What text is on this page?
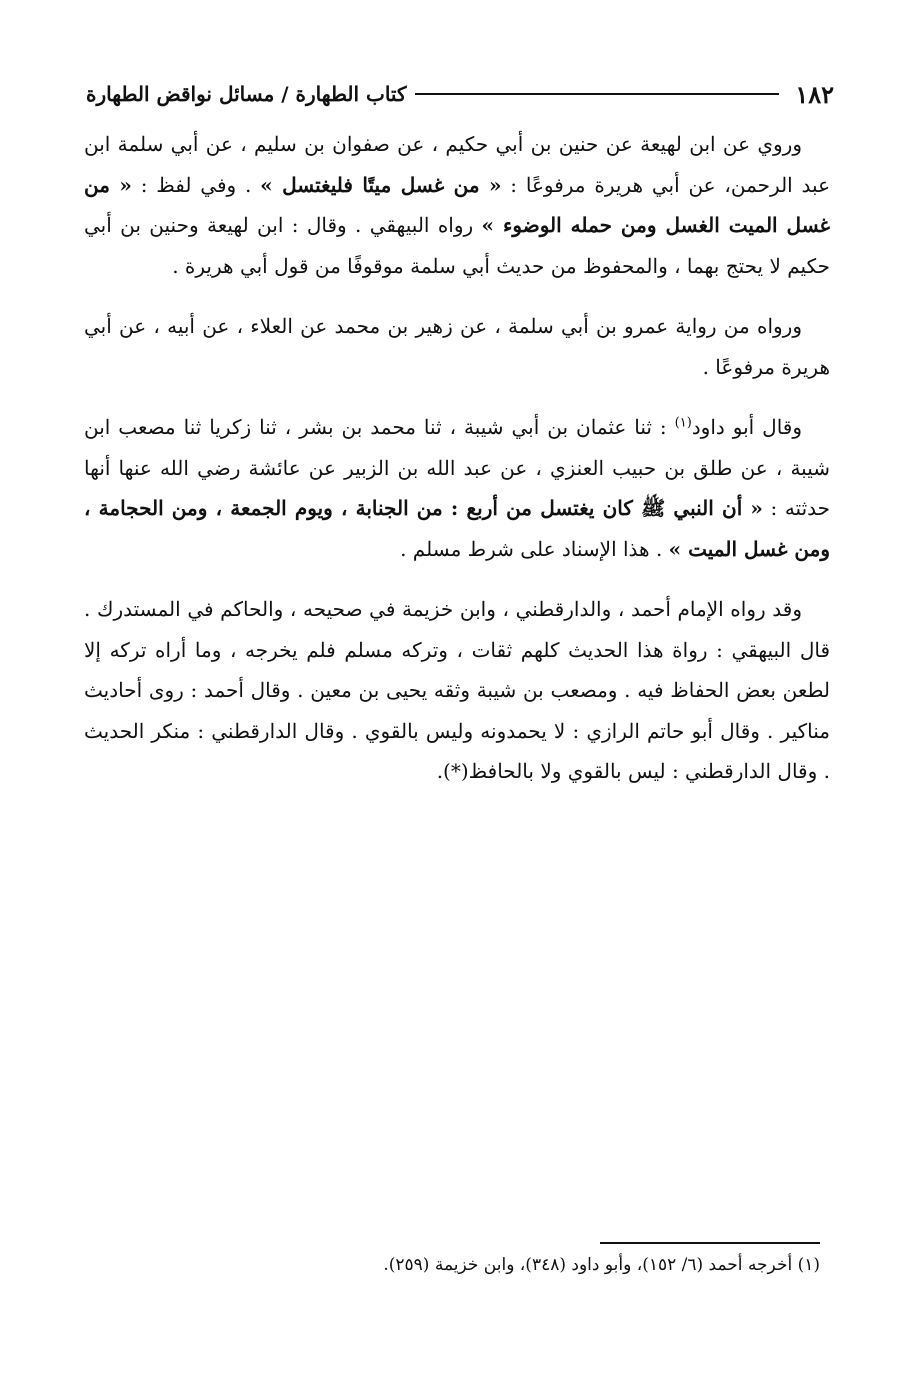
١٨٢
كتاب الطهارة / مسائل نواقض الطهارة

وروي عن ابن لهيعة عن حنين بن أبي حكيم ، عن صفوان بن سليم ، عن أبي سلمة ابن عبد الرحمن، عن أبي هريرة مرفوعًا : « من غسل ميتًا فليغتسل » . وفي لفظ : « من غسل الميت الغسل ومن حمله الوضوء » رواه البيهقي . وقال : ابن لهيعة وحنين بن أبي حكيم لا يحتج بهما ، والمحفوظ من حديث أبي سلمة موقوفًا من قول أبي هريرة .

ورواه من رواية عمرو بن أبي سلمة ، عن زهير بن محمد عن العلاء ، عن أبيه ، عن أبي هريرة مرفوعًا .

وقال أبو داود$^{(١)}$ : ثنا عثمان بن أبي شيبة ، ثنا محمد بن بشر ، ثنا زكريا ثنا مصعب ابن شيبة ، عن طلق بن حبيب العنزي ، عن عبد الله بن الزبير عن عائشة رضي الله عنها أنها حدثته : « أن النبي ﷺ كان يغتسل من أربع : من الجنابة ، ويوم الجمعة ، ومن الحجامة ، ومن غسل الميت » . هذا الإسناد على شرط مسلم .

وقد رواه الإمام أحمد ، والدارقطني ، وابن خزيمة في صحيحه ، والحاكم في المستدرك . قال البيهقي : رواة هذا الحديث كلهم ثقات ، وتركه مسلم فلم يخرجه ، وما أراه تركه إلا لطعن بعض الحفاظ فيه . ومصعب بن شيبة وثقه يحيى بن معين . وقال أحمد : روى أحاديث مناكير . وقال أبو حاتم الرازي : لا يحمدونه وليس بالقوي . وقال الدارقطني : منكر الحديث . وقال الدارقطني : ليس بالقوي ولا بالحافظ(*).

(١) أخرجه أحمد (٦/ ١٥٢)، وأبو داود (٣٤٨)، وابن خزيمة (٢٥٩).
